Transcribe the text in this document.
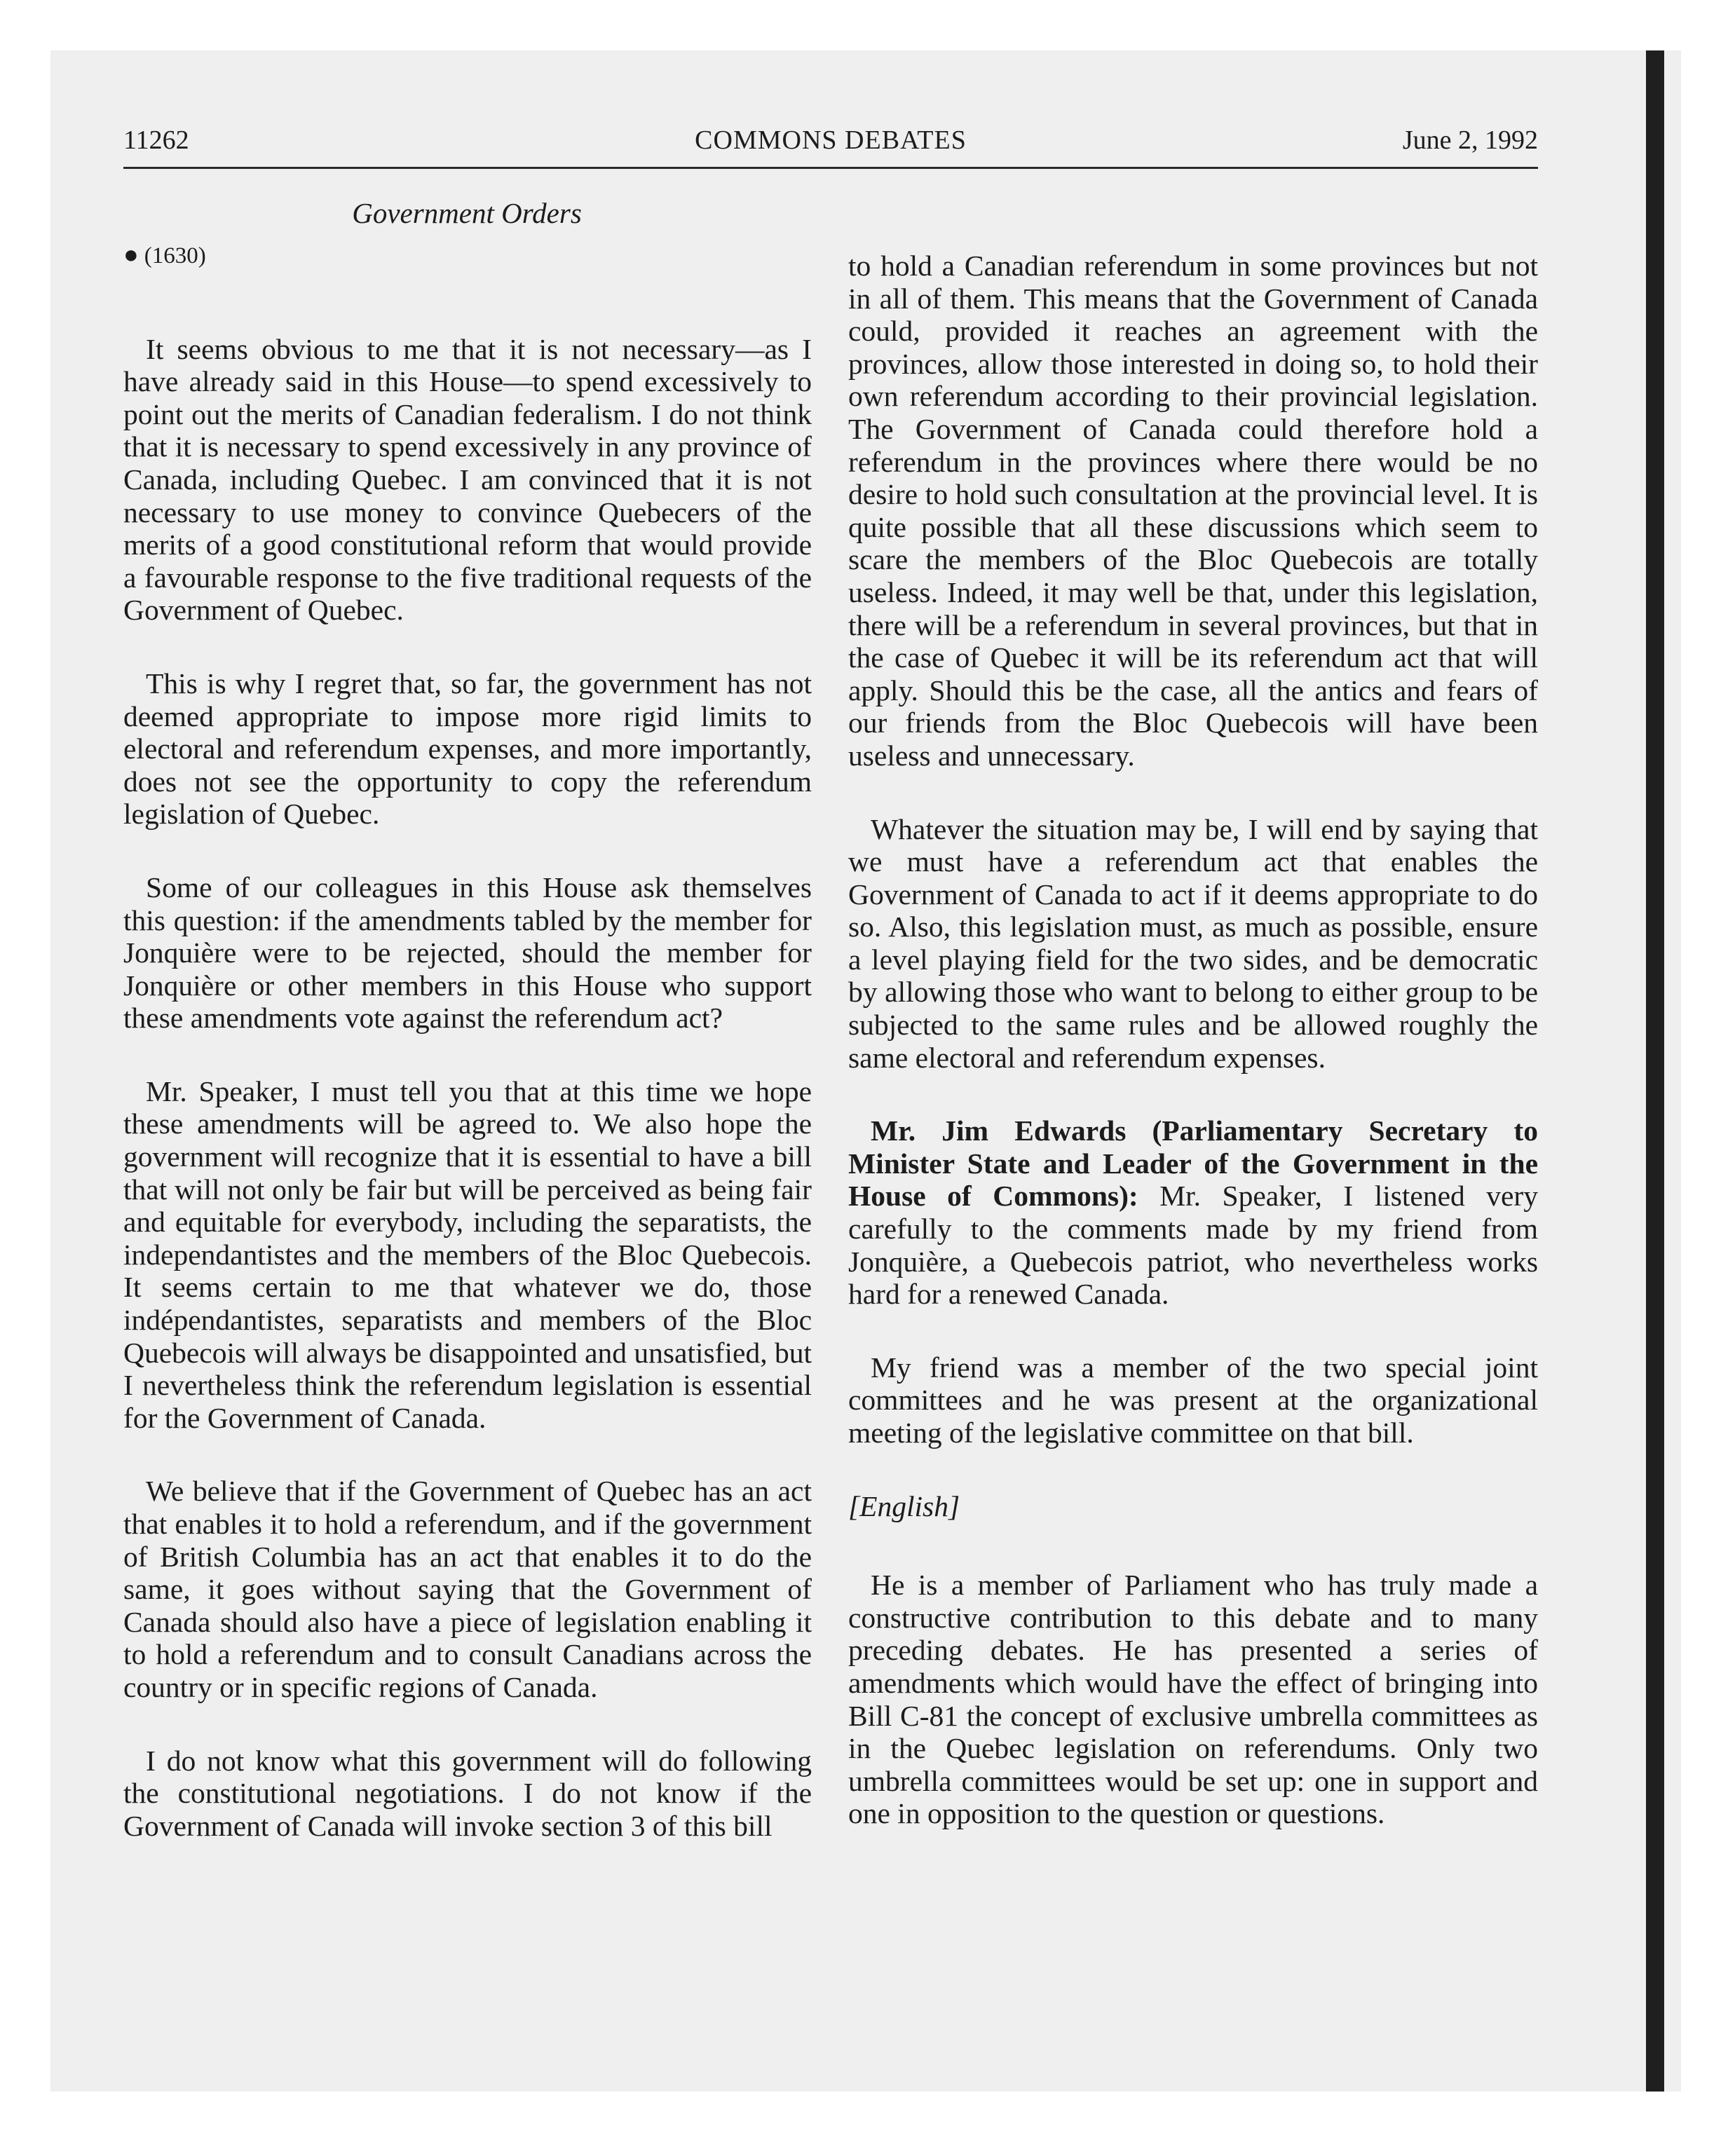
11262	COMMONS DEBATES	June 2, 1992
Government Orders
● (1630)

It seems obvious to me that it is not necessary—as I have already said in this House—to spend excessively to point out the merits of Canadian federalism. I do not think that it is necessary to spend excessively in any province of Canada, including Quebec. I am convinced that it is not necessary to use money to convince Quebecers of the merits of a good constitutional reform that would provide a favourable response to the five traditional requests of the Government of Quebec.

This is why I regret that, so far, the government has not deemed appropriate to impose more rigid limits to electoral and referendum expenses, and more importantly, does not see the opportunity to copy the referendum legislation of Quebec.

Some of our colleagues in this House ask themselves this question: if the amendments tabled by the member for Jonquière were to be rejected, should the member for Jonquière or other members in this House who support these amendments vote against the referendum act?

Mr. Speaker, I must tell you that at this time we hope these amendments will be agreed to. We also hope the government will recognize that it is essential to have a bill that will not only be fair but will be perceived as being fair and equitable for everybody, including the separatists, the independantistes and the members of the Bloc Quebecois. It seems certain to me that whatever we do, those indépendantistes, separatists and members of the Bloc Quebecois will always be disappointed and unsatisfied, but I nevertheless think the referendum legislation is essential for the Government of Canada.

We believe that if the Government of Quebec has an act that enables it to hold a referendum, and if the government of British Columbia has an act that enables it to do the same, it goes without saying that the Government of Canada should also have a piece of legislation enabling it to hold a referendum and to consult Canadians across the country or in specific regions of Canada.

I do not know what this government will do following the constitutional negotiations. I do not know if the Government of Canada will invoke section 3 of this bill

to hold a Canadian referendum in some provinces but not in all of them. This means that the Government of Canada could, provided it reaches an agreement with the provinces, allow those interested in doing so, to hold their own referendum according to their provincial legislation. The Government of Canada could therefore hold a referendum in the provinces where there would be no desire to hold such consultation at the provincial level. It is quite possible that all these discussions which seem to scare the members of the Bloc Quebecois are totally useless. Indeed, it may well be that, under this legislation, there will be a referendum in several provinces, but that in the case of Quebec it will be its referendum act that will apply. Should this be the case, all the antics and fears of our friends from the Bloc Quebecois will have been useless and unnecessary.

Whatever the situation may be, I will end by saying that we must have a referendum act that enables the Government of Canada to act if it deems appropriate to do so. Also, this legislation must, as much as possible, ensure a level playing field for the two sides, and be democratic by allowing those who want to belong to either group to be subjected to the same rules and be allowed roughly the same electoral and referendum expenses.

Mr. Jim Edwards (Parliamentary Secretary to Minister State and Leader of the Government in the House of Commons): Mr. Speaker, I listened very carefully to the comments made by my friend from Jonquière, a Quebecois patriot, who nevertheless works hard for a renewed Canada.

My friend was a member of the two special joint committees and he was present at the organizational meeting of the legislative committee on that bill.

[English]

He is a member of Parliament who has truly made a constructive contribution to this debate and to many preceding debates. He has presented a series of amendments which would have the effect of bringing into Bill C-81 the concept of exclusive umbrella committees as in the Quebec legislation on referendums. Only two umbrella committees would be set up: one in support and one in opposition to the question or questions.
